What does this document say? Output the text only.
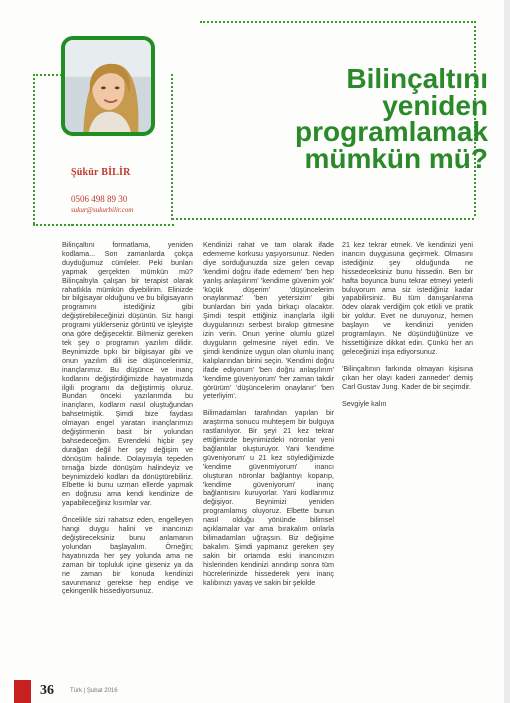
Şükür BİLİR
0506 498 89 30
sukur@sukurbilir.com
Bilinçaltını
yeniden
programlamak
mümkün mü?

Bilinçaltını formatlama, yeniden kodlama... Son zamanlarda çokça duyduğumuz cümleler. Peki bunları yapmak gerçekten mümkün mü? Bilinçaltıyla çalışan bir terapist olarak rahatlıkla mümkün diyebilirim. Elinizde bir bilgisayar olduğunu ve bu bilgisayarın programını istediğiniz gibi değiştirebileceğinizi düşünün. Siz hangi programı yüklerseniz görüntü ve işleyişte ona göre değişecektir. Bilmeniz gereken tek şey o programın yazılım dilidir. Beynimizde tıpkı bir bilgisayar gibi ve onun yazılım dili ise düşüncelerimiz, inançlarımız. Bu düşünce ve inanç kodlarını değiştirdiğimizde hayatımızda ilgili programı da değiştirmiş oluruz. Bundan önceki yazılarımda bu inançların, kodların nasıl oluştuğundan bahsetmiştik. Şimdi bize faydası olmayan engel yaratan inançlarımızı değiştirmenin basit bir yolundan bahsedeceğim. Evrendeki hiçbir şey durağan değil her şey değişim ve dönüşüm halinde. Dolayısıyla tepeden tırnağa bizde dönüşüm halindeyiz ve beynimizdeki kodları da dönüştürebiliriz. Elbette ki bunu uzman ellerde yapmak en doğrusu ama kendi kendinize de yapabileceğiniz kısımlar var.

Öncelikle sizi rahatsız eden, engelleyen hangi duygu halini ve inancınızı değiştireceksiniz bunu anlamanın yolundan başlayalım. Örneğin; hayatınızda her şey yolunda ama ne zaman bir topluluk içine girseniz ya da ne zaman bir konuda kendinizi savunmanız gerekse hep endişe ve çekingenlik hissediyorsunuz.

Kendinizi rahat ve tam olarak ifade edememe korkusu yaşıyorsunuz. Neden diye sorduğunuzda size gelen cevap 'kendimi doğru ifade edemem' 'ben hep yanlış anlaşılırım' 'kendime güvenim yok' 'küçük düşerim' 'düşüncelerim onaylanmaz' 'ben yetersizim' gibi bunlardan biri yada birkaçı olacaktır. Şimdi tespit ettiğiniz inançlarla ilgili duygularınızı serbest bırakıp gitmesine izin verin. Onun yerine olumlu güzel duyguların gelmesine niyet edin. Ve şimdi kendinize uygun olan olumlu inanç kalıplarından birini seçin. 'Kendimi doğru ifade ediyorum' 'ben doğru anlaşılırım' 'kendime güveniyorum' 'her zaman takdir görürüm' 'düşüncelerim onaylanır' 'ben yeterliyim'.

Bilimadamları tarafından yapılan bir araştırma sonucu muhteşem bir bulguya rastlanılıyor. Bir şeyi 21 kez tekrar ettiğimizde beynimizdeki nöronlar yeni bağlantılar oluşturuyor. Yani 'kendime güveniyorum' u 21 kez söylediğimizde 'kendime güvenmiyorum' inancı oluşturan nöronlar bağlantıyı koparıp, 'kendime güveniyorum' inanç bağlantısını kuruyorlar. Yani kodlarımız değişiyor. Beynimizi yeniden programlamış oluyoruz. Elbette bunun nasıl olduğu yönünde bilimsel açıklamalar var ama bırakalım onlarla bilimadamları uğraşsın. Biz değişime bakalım. Şimdi yapmanız gereken şey sakin bir ortamda eski inancınızın hislerinden kendinizi arındırıp sonra tüm hücrelerinizde hissederek yeni inanç kalıbınızı yavaş ve sakin bir şekilde

21 kez tekrar etmek. Ve kendinizi yeni inancın duygusuna geçirmek. Olmasını istediğiniz şey olduğunda ne hissedeceksiniz bunu hissedin. Ben bir hafta boyunca bunu tekrar etmeyi yeterli buluyorum ama siz istediğiniz kadar yapabilirsiniz. Bu tüm danışanlarıma ödev olarak verdiğim çok etkili ve pratik bir yoldur. Evet ne duruyoruz, hemen başlayın ve kendinizi yeniden programlayın. Ne düşündüğünüze ve hissettiğinize dikkat edin. Çünkü her an geleceğinizi inşa ediyorsunuz.

'Bilinçaltının farkında olmayan kişisına çıkan her olayı kaderi zanneder' demiş Carl Gustav Jung. Kader de bir seçimdir.

Sevgiyle kalın

36	Türk | Şubat 2016
